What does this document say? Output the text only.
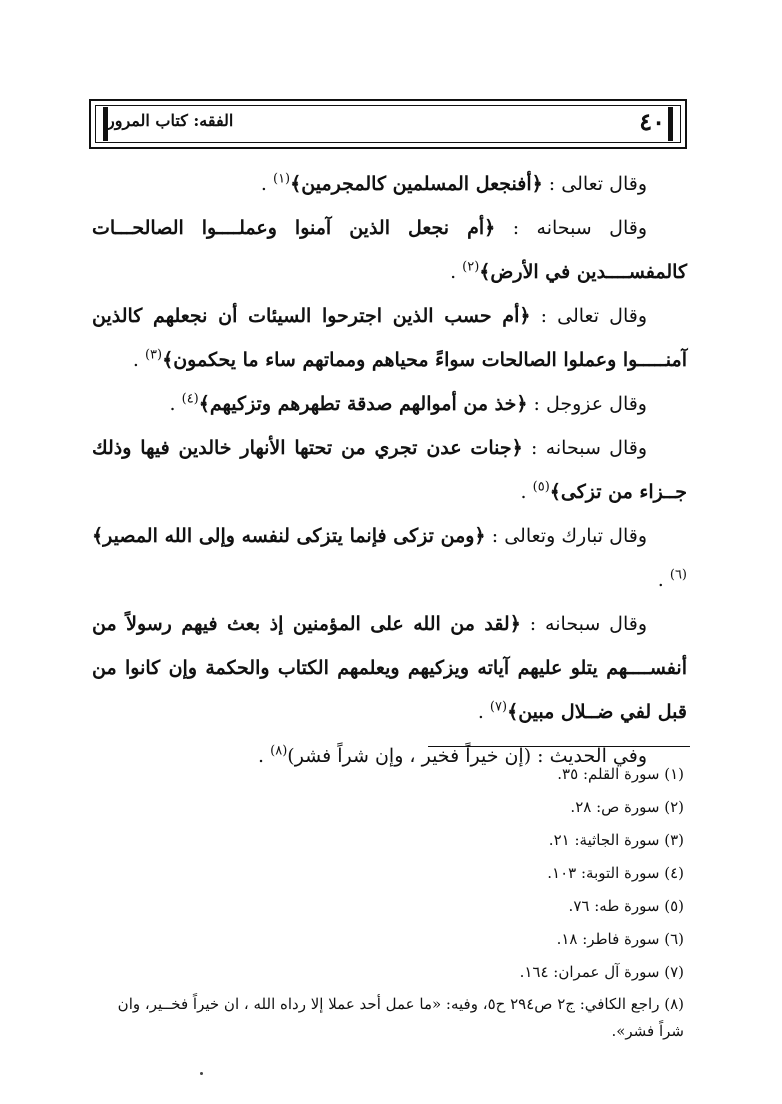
٤٠
الفقه: كتاب المرور

وقال تعالى : ﴿أفنجعل المسلمين كالمجرمين﴾$^{(١)}$ .

وقال سبحانه : ﴿أم نجعل الذين آمنوا وعملــــوا الصالحـــات كالمفســــدين في الأرض﴾$^{(٢)}$ .

وقال تعالى : ﴿أم حسب الذين اجترحوا السيئات أن نجعلهم كالذين آمنـــــوا وعملوا الصالحات سواءً محياهم ومماتهم ساء ما يحكمون﴾$^{(٣)}$ .

وقال عزوجل : ﴿خذ من أموالهم صدقة تطهرهم وتزكيهم﴾$^{(٤)}$ .

وقال سبحانه : ﴿جنات عدن تجري من تحتها الأنهار خالدين فيها وذلك جــزاء من تزكى﴾$^{(٥)}$ .

وقال تبارك وتعالى : ﴿ومن تزكى فإنما يتزكى لنفسه وإلى الله المصير﴾$^{(٦)}$ .

وقال سبحانه : ﴿لقد من الله على المؤمنين إذ بعث فيهم رسولاً من أنفســــهم يتلو عليهم آياته ويزكيهم ويعلمهم الكتاب والحكمة وإن كانوا من قبل لفي ضــلال مبين﴾$^{(٧)}$ .

وفي الحديث : (إن خيراً فخير ، وإن شراً فشر)$^{(٨)}$ .

(١) سورة القلم: ٣٥.

(٢) سورة ص: ٢٨.

(٣) سورة الجاثية: ٢١.

(٤) سورة التوبة: ١٠٣.

(٥) سورة طه: ٧٦.

(٦) سورة فاطر: ١٨.

(٧) سورة آل عمران: ١٦٤.

(٨) راجع الكافي: ج٢ ص٢٩٤ ح٥، وفيه: «ما عمل أحد عملا إلا رداه الله ، ان خيراً فخــير، وان شراً فشر».
